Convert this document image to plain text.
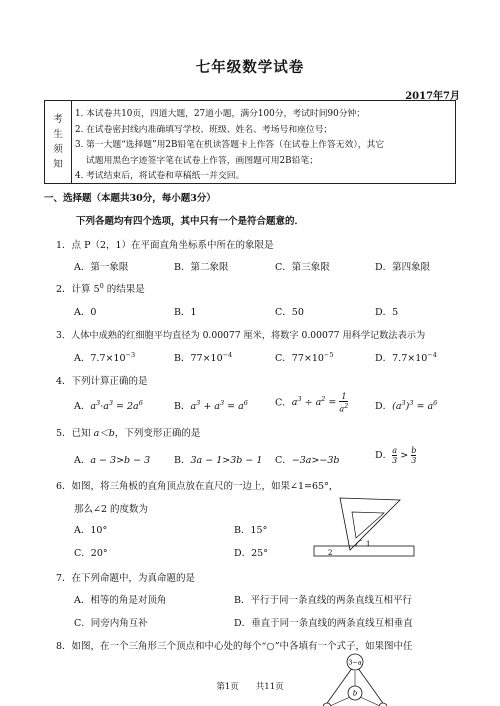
七年级数学试卷
2017年7月
考
生
须
知
1．本试卷共10页，四道大题，27道小题，满分100分，考试时间90分钟；
2．在试卷密封线内准确填写学校、班级、姓名、考场号和座位号；
3．第一大题“选择题”用2B铅笔在机读答题卡上作答（在试卷上作答无效），其它
试题用黑色字迹签字笔在试卷上作答，画图题可用2B铅笔；
4．考试结束后，将试卷和草稿纸一并交回。
一、选择题（本题共30分，每小题3分）
下列各题均有四个选项，其中只有一个是符合题意的．
1．点 P（2，1）在平面直角坐标系中所在的象限是
A．第一象限	B．第二象限	C．第三象限	D．第四象限
2．计算 $5^0$ 的结果是
A．0	B．1	C．50	D．5
3．人体中成熟的红细胞平均直径为 0.00077 厘米，将数字 0.00077 用科学记数法表示为
A．$7.7\times 10^{-3}$	B．$77\times 10^{-4}$	C．$77\times 10^{-5}$	D．$7.7\times 10^{-4}$
4．下列计算正确的是
A．$a^3\cdot a^3 = 2a^6$	B．$a^3 + a^3 = a^6$	C．$a^3 \div a^2 = \frac{1}{a^2}$	D．$(a^3)^3 = a^6$
5．已知 a＜b，下列变形正确的是
A．a − 3>b − 3	B．3a − 1>3b − 1 C．−3a>−3b	D． $\frac{a}{3} > \frac{b}{3}$
6．如图，将三角板的直角顶点放在直尺的一边上，如果∠1=65°，
那么∠2 的度数为
A．10°	B．15°
C．20°	D．25°
1
2
7．在下列命题中，为真命题的是
A．相等的角是对顶角	B．平行于同一条直线的两条直线互相平行
C．同旁内角互补	D．垂直于同一条直线的两条直线互相垂直
8．如图，在一个三角形三个顶点和中心处的每个“○”中各填有一个式子，如果图中任
3−a
b
第1页　　共11页
